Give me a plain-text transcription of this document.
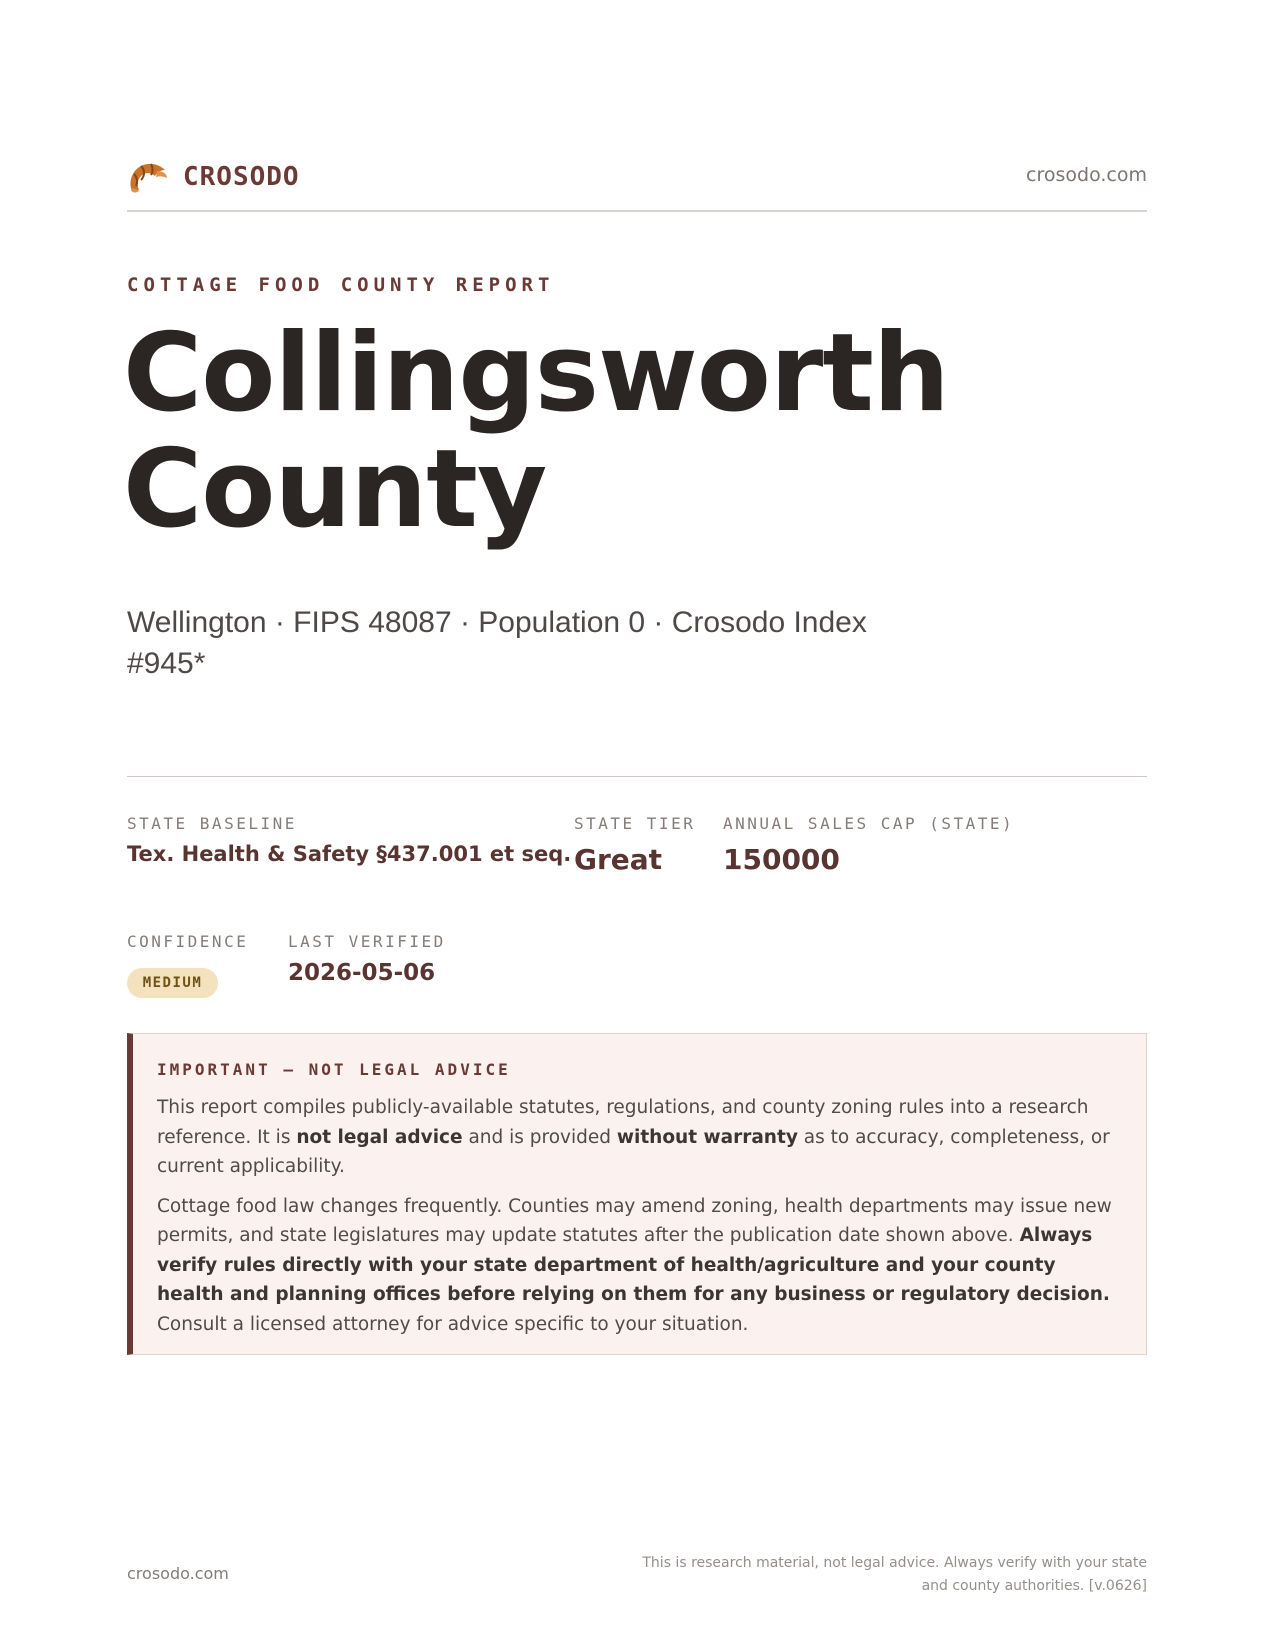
CROSODO	crosodo.com
COTTAGE FOOD COUNTY REPORT
Collingsworth County

Wellington · FIPS 48087 · Population 0 · Crosodo Index #945*

STATE BASELINE
Tex. Health & Safety §437.001 et seq.
STATE TIER
Great
ANNUAL SALES CAP (STATE)
150000
CONFIDENCE
MEDIUM
LAST VERIFIED
2026-05-06
IMPORTANT — NOT LEGAL ADVICE

This report compiles publicly-available statutes, regulations, and county zoning rules into a research reference. It is not legal advice and is provided without warranty as to accuracy, completeness, or current applicability.

Cottage food law changes frequently. Counties may amend zoning, health departments may issue new permits, and state legislatures may update statutes after the publication date shown above. Always verify rules directly with your state department of health/agriculture and your county health and planning offices before relying on them for any business or regulatory decision. Consult a licensed attorney for advice specific to your situation.

crosodo.com
This is research material, not legal advice. Always verify with your state and county authorities. [v.0626]
